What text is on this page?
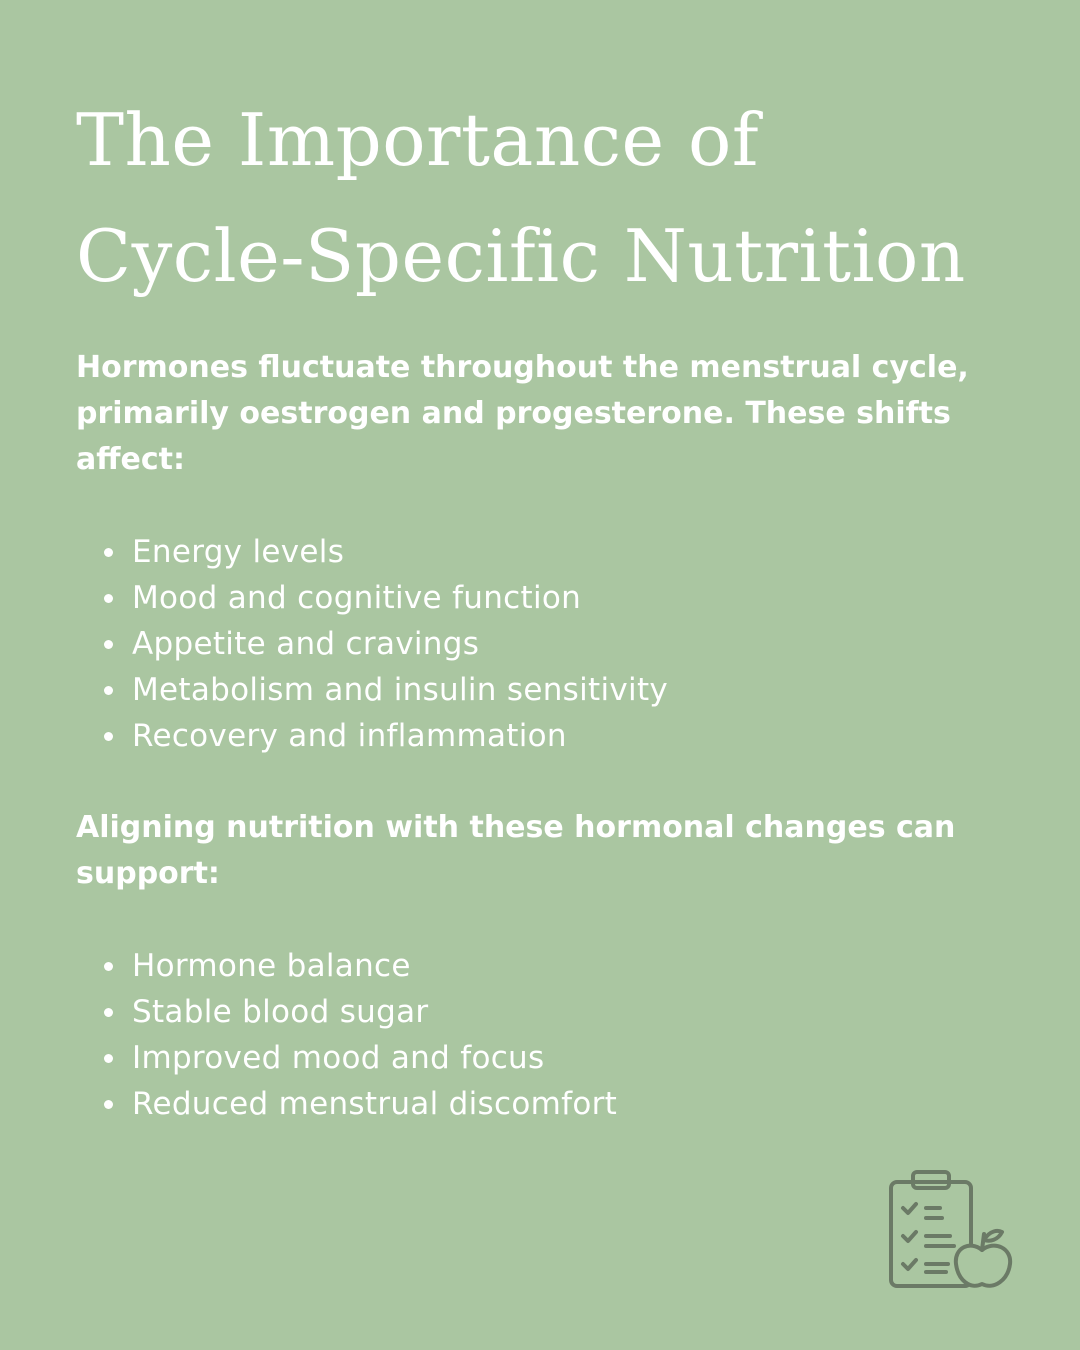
The Importance of
Cycle-Specific Nutrition

Hormones fluctuate throughout the menstrual cycle, primarily oestrogen and progesterone. These shifts affect:

Energy levels
Mood and cognitive function
Appetite and cravings
Metabolism and insulin sensitivity
Recovery and inflammation

Aligning nutrition with these hormonal changes can support:

Hormone balance
Stable blood sugar
Improved mood and focus
Reduced menstrual discomfort
